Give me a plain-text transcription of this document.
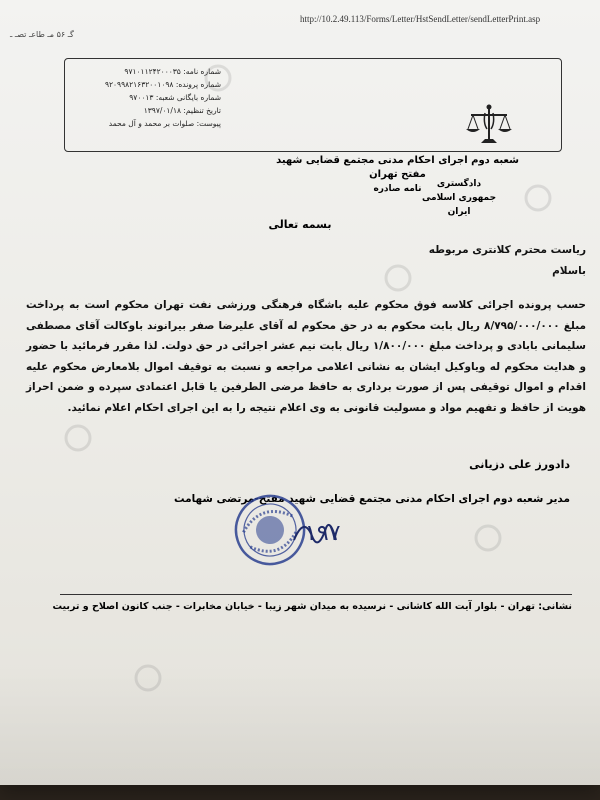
http://10.2.49.113/Forms/Letter/HstSendLetter/sendLetterPrint.asp
گـ ۵۶ مـ طاعـ تصـ ـ
دادگستری جمهوری اسلامی ایران
شعبه دوم اجرای احکام مدنی مجتمع قضایی شهید مفتح تهران
نامه صادره
شماره نامه: ۹۷۱۰۱۱۲۴۲۰۰۰۳۵
شماره پرونده: ۹۲۰۹۹۸۲۱۶۳۲۰۰۱۰۹۸
شماره بایگانی شعبه: ۹۷۰۰۱۳
تاریخ تنظیم: ۱۳۹۷/۰۱/۱۸
پیوست: صلوات بر محمد و آل محمد
بسمه تعالی

ریاست محترم کلانتری مربوطه

باسلام

حسب پرونده اجرائی کلاسه فوق محکوم علیه باشگاه فرهنگی ورزشی نفت تهران محکوم است به پرداخت مبلغ ۸/۷۹۵/۰۰۰/۰۰۰ ریال بابت محکوم به در حق محکوم له آقای علیرضا صفر بیرانوند باوکالت آقای مصطفی سلیمانی بابادی و پرداخت مبلغ ۱/۸۰۰/۰۰۰ ریال بابت نیم عشر اجرائی در حق دولت. لذا مقرر فرمائید با حضور و هدایت محکوم له ویاوکیل ایشان به نشانی اعلامی مراجعه و نسبت به توقیف اموال بلامعارض محکوم علیه اقدام و اموال توقیفی پس از صورت برداری به حافظ مرضی الطرفین یا قابل اعتمادی سپرده و ضمن احراز هویت از حافظ و تفهیم مواد و مسولیت قانونی به وی اعلام نتیجه را به این اجرای احکام اعلام نمائید.

دادورز علی دزیانی
مدیر شعبه دوم اجرای احکام مدنی مجتمع قضایی شهید مفتح-مرتضی شهامت
۱۹۷
نشانی: تهران - بلوار آیت الله کاشانی - نرسیده به میدان شهر زیبا - خیابان مخابرات - جنب کانون اصلاح و تربیت
